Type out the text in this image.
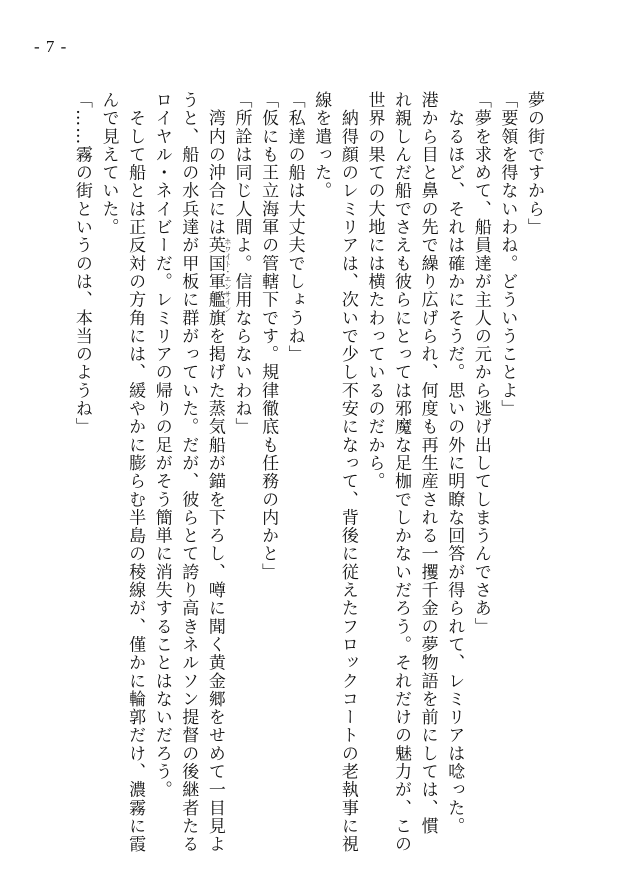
- 7 -
夢の街ですから」
「要領を得ないわね。どういうことよ」
「夢を求めて、船員達が主人の元から逃げ出してしまうんでさあ」
　なるほど、それは確かにそうだ。思いの外に明瞭な回答が得られて、レミリアは唸った。
港から目と鼻の先で繰り広げられ、何度も再生産される一攫千金の夢物語を前にしては、慣
れ親しんだ船でさえも彼らにとっては邪魔な足枷でしかないだろう。それだけの魅力が、この
世界の果ての大地には横たわっているのだから。
　納得顔のレミリアは、次いで少し不安になって、背後に従えたフロックコートの老執事に視
線を遣った。
「私達の船は大丈夫でしょうね」
「仮にも王立海軍の管轄下です。規律徹底も任務の内かと」
「所詮は同じ人間よ。信用ならないわね」
　湾内の沖合には英国軍艦旗を掲げた蒸気船が錨を下ろし、噂に聞く黄金郷をせめて一目見よ
うと、船の水兵達が甲板に群がっていた。だが、彼らとて誇り高きネルソン提督の後継者たる
ロイヤル・ネイビーだ。レミリアの帰りの足がそう簡単に消失することはないだろう。
　そして船とは正反対の方角には、緩やかに膨らむ半島の稜線が、僅かに輪郭だけ、濃霧に霞
んで見えていた。
「……霧の街というのは、本当のようね」	ホワイト・エンサイン
